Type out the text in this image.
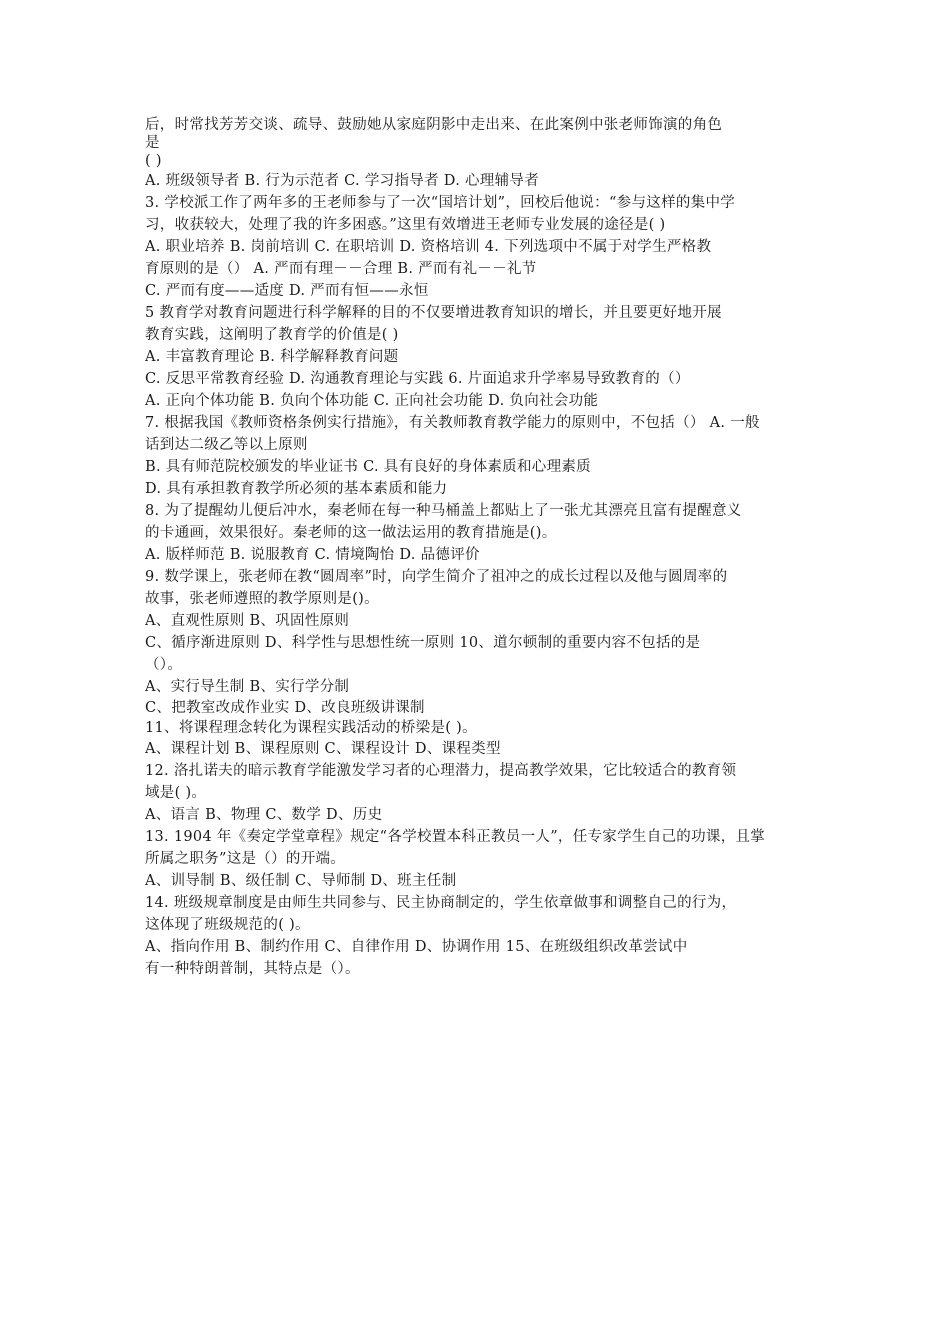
后，时常找芳芳交谈、疏导、鼓励她从家庭阴影中走出来、在此案例中张老师饰演的角色
是
( )
A. 班级领导者 B. 行为示范者 C. 学习指导者 D. 心理辅导者
3. 学校派工作了两年多的王老师参与了一次“国培计划”，回校后他说：“参与这样的集中学
习，收获较大，处理了我的许多困惑。”这里有效增进王老师专业发展的途径是( )
A. 职业培养 B. 岗前培训 C. 在职培训 D. 资格培训 4. 下列选项中不属于对学生严格教
育原则的是（） A. 严而有理－－合理 B. 严而有礼－－礼节
C. 严而有度——适度 D. 严而有恒——永恒
5 教育学对教育问题进行科学解释的目的不仅要增进教育知识的增长，并且要更好地开展
教育实践，这阐明了教育学的价值是( )
A. 丰富教育理论 B. 科学解释教育问题
C. 反思平常教育经验 D. 沟通教育理论与实践 6. 片面追求升学率易导致教育的（）
A. 正向个体功能 B. 负向个体功能 C. 正向社会功能 D. 负向社会功能
7. 根据我国《教师资格条例实行措施》，有关教师教育教学能力的原则中，不包括（） A. 一般
话到达二级乙等以上原则
B. 具有师范院校颁发的毕业证书 C. 具有良好的身体素质和心理素质
D. 具有承担教育教学所必须的基本素质和能力
8. 为了提醒幼儿便后冲水，秦老师在每一种马桶盖上都贴上了一张尤其漂亮且富有提醒意义
的卡通画，效果很好。秦老师的这一做法运用的教育措施是()。
A. 版样师范 B. 说服教育 C. 情境陶怡 D. 品德评价
9. 数学课上，张老师在教“圆周率”时，向学生简介了祖冲之的成长过程以及他与圆周率的
故事，张老师遵照的教学原则是()。
A、直观性原则 B、巩固性原则
C、循序渐进原则 D、科学性与思想性统一原则 10、道尔顿制的重要内容不包括的是
（）。
A、实行导生制 B、实行学分制
C、把教室改成作业实 D、改良班级讲课制
11、将课程理念转化为课程实践活动的桥梁是( )。
A、课程计划 B、课程原则 C、课程设计 D、课程类型
12. 洛扎诺夫的暗示教育学能激发学习者的心理潜力，提高教学效果，它比较适合的教育领
域是( )。
A、语言 B、物理 C、数学 D、历史
13. 1904 年《奏定学堂章程》规定“各学校置本科正教员一人”，任专家学生自己的功课，且掌
所属之职务”这是（）的开端。
A、训导制 B、级任制 C、导师制 D、班主任制
14. 班级规章制度是由师生共同参与、民主协商制定的，学生依章做事和调整自己的行为，
这体现了班级规范的( )。
A、指向作用 B、制约作用 C、自律作用 D、协调作用 15、在班级组织改革尝试中
有一种特朗普制，其特点是（）。
